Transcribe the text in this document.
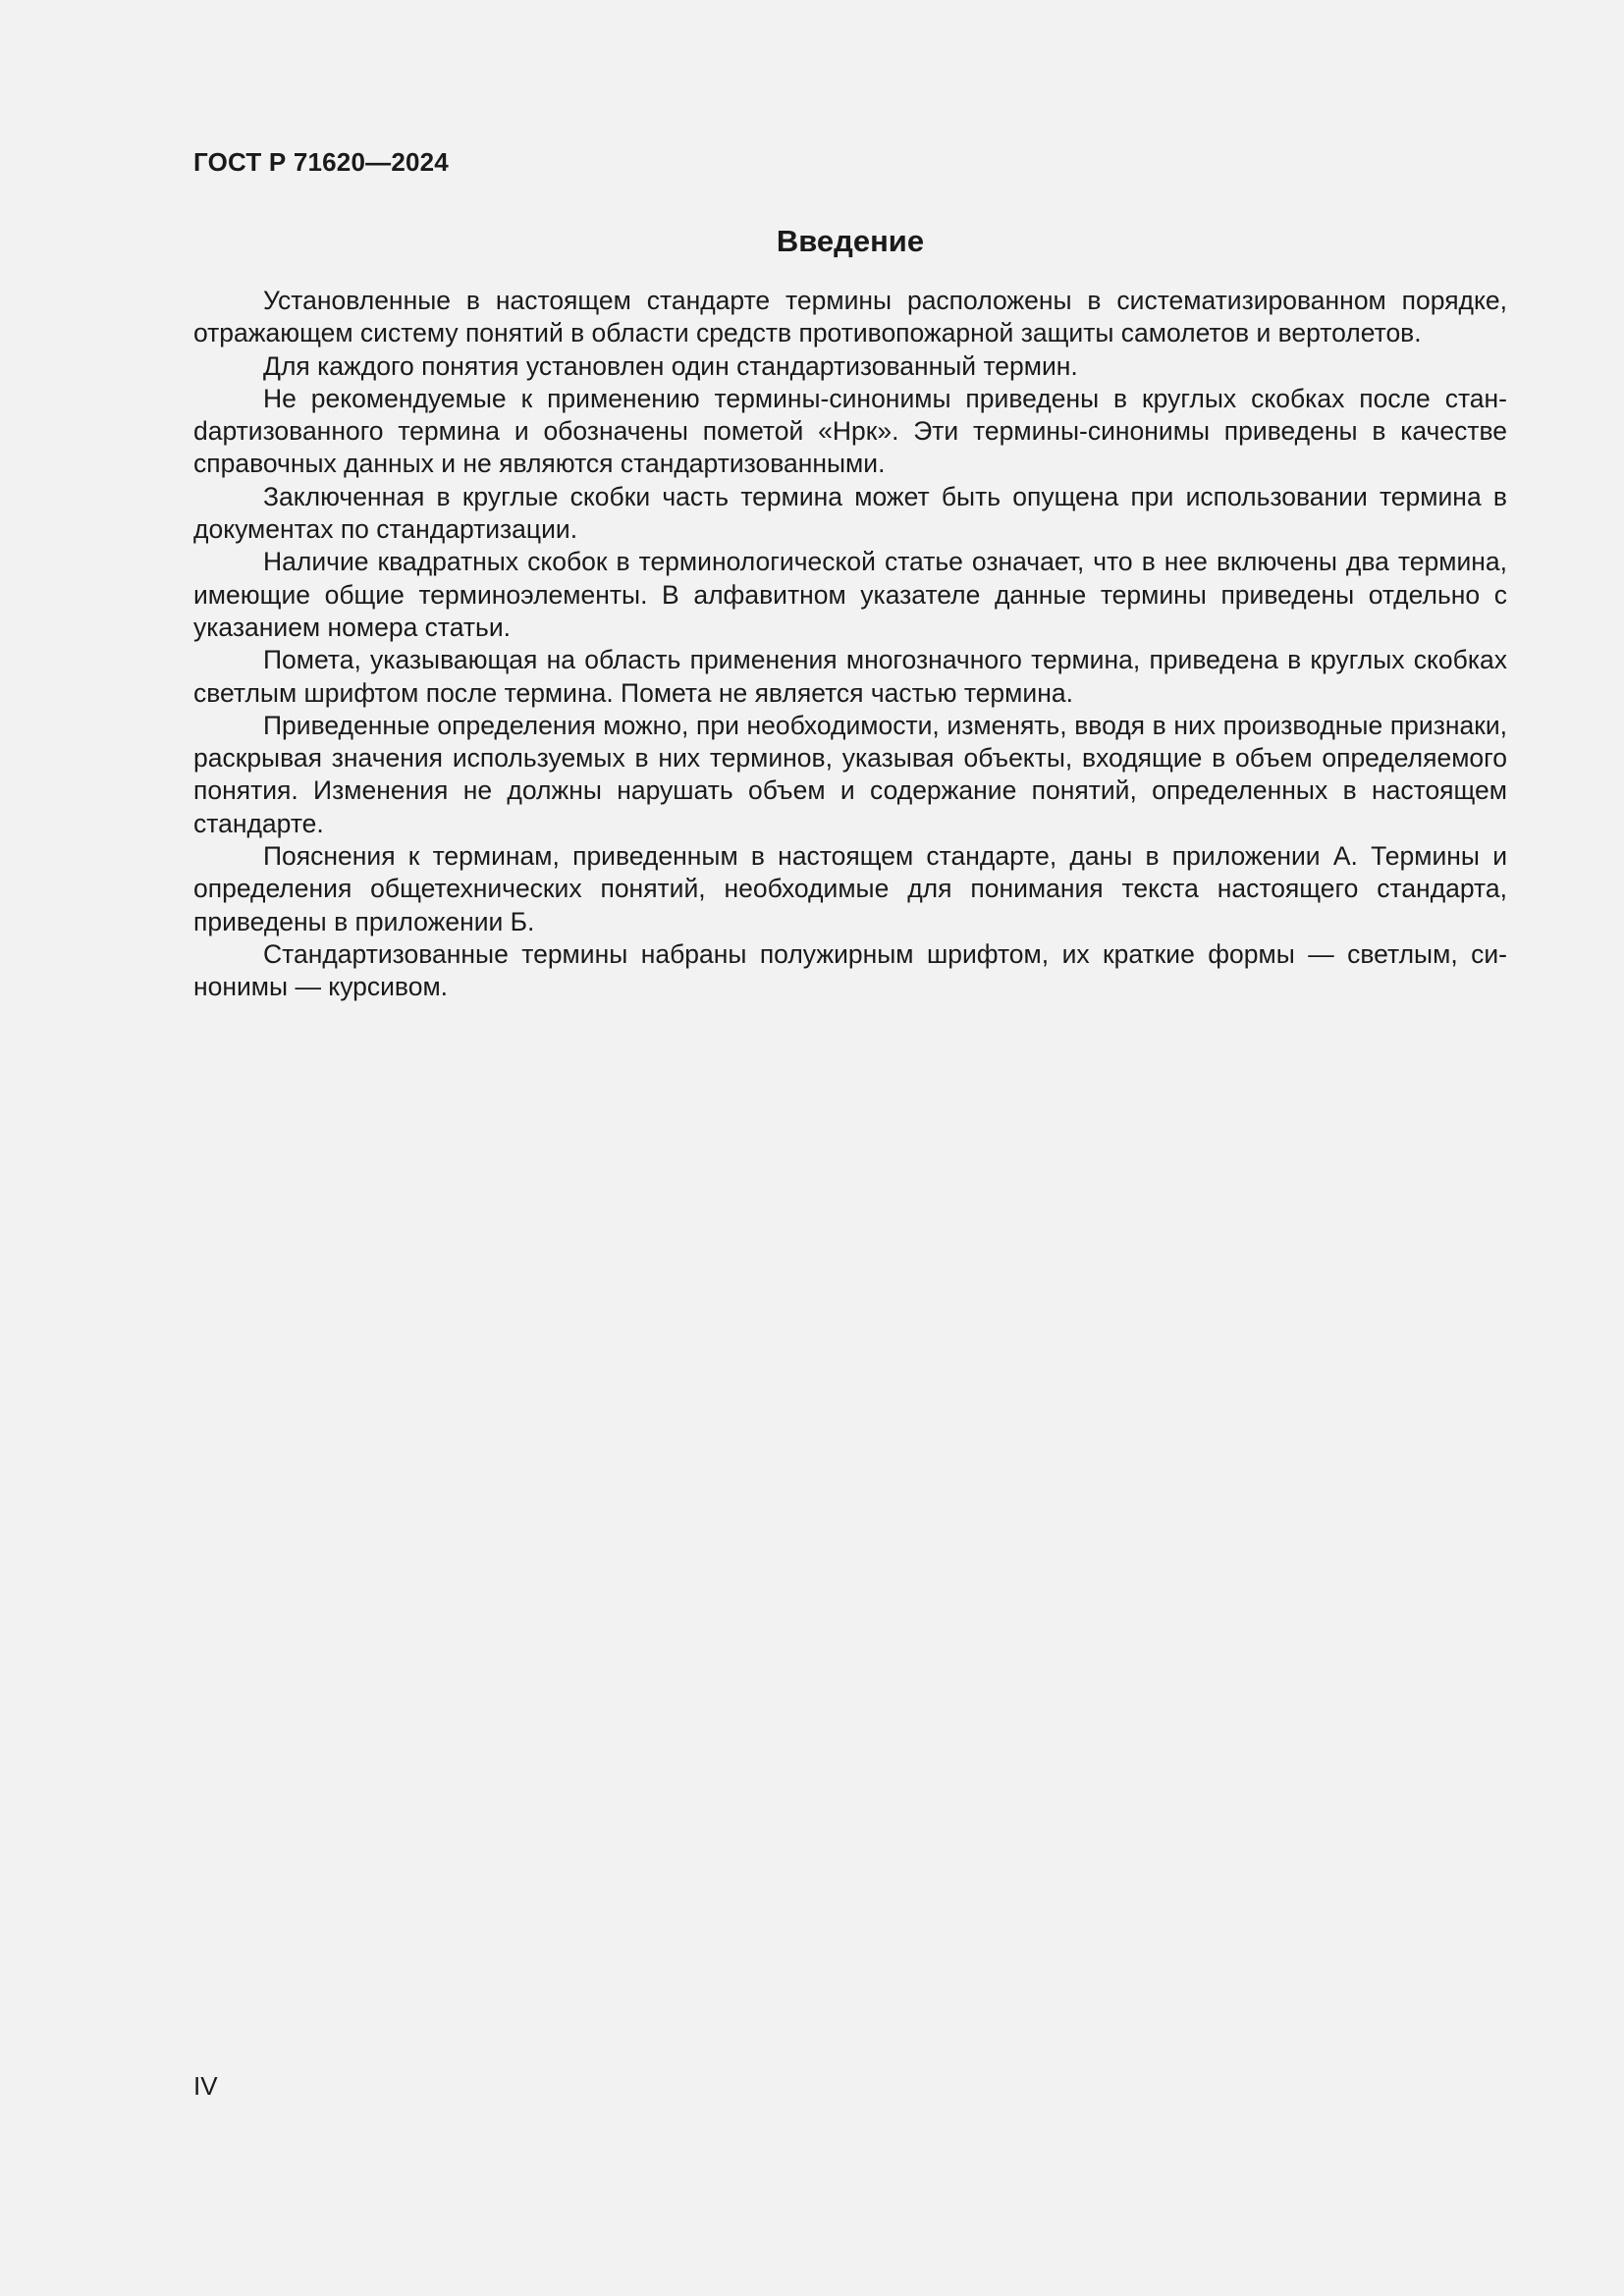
ГОСТ Р 71620—2024
Введение

Установленные в настоящем стандарте термины расположены в систематизированном порядке, отражающем систему понятий в области средств противопожарной защиты самолетов и вертолетов.

Для каждого понятия установлен один стандартизованный термин.

Не рекомендуемые к применению термины-синонимы приведены в круглых скобках после станdартизованного термина и обозначены пометой «Нрк». Эти термины-синонимы приведены в качестве справочных данных и не являются стандартизованными.

Заключенная в круглые скобки часть термина может быть опущена при использовании термина в документах по стандартизации.

Наличие квадратных скобок в терминологической статье означает, что в нее включены два термина, имеющие общие терминоэлементы. В алфавитном указателе данные термины приведены отдельно с указанием номера статьи.

Помета, указывающая на область применения многозначного термина, приведена в круглых скобках светлым шрифтом после термина. Помета не является частью термина.

Приведенные определения можно, при необходимости, изменять, вводя в них производные признаки, раскрывая значения используемых в них терминов, указывая объекты, входящие в объем определяемого понятия. Изменения не должны нарушать объем и содержание понятий, определенных в настоящем стандарте.

Пояснения к терминам, приведенным в настоящем стандарте, даны в приложении А. Термины и определения общетехнических понятий, необходимые для понимания текста настоящего стандарта, приведены в приложении Б.

Стандартизованные термины набраны полужирным шрифтом, их краткие формы — светлым, синонимы — курсивом.

IV
